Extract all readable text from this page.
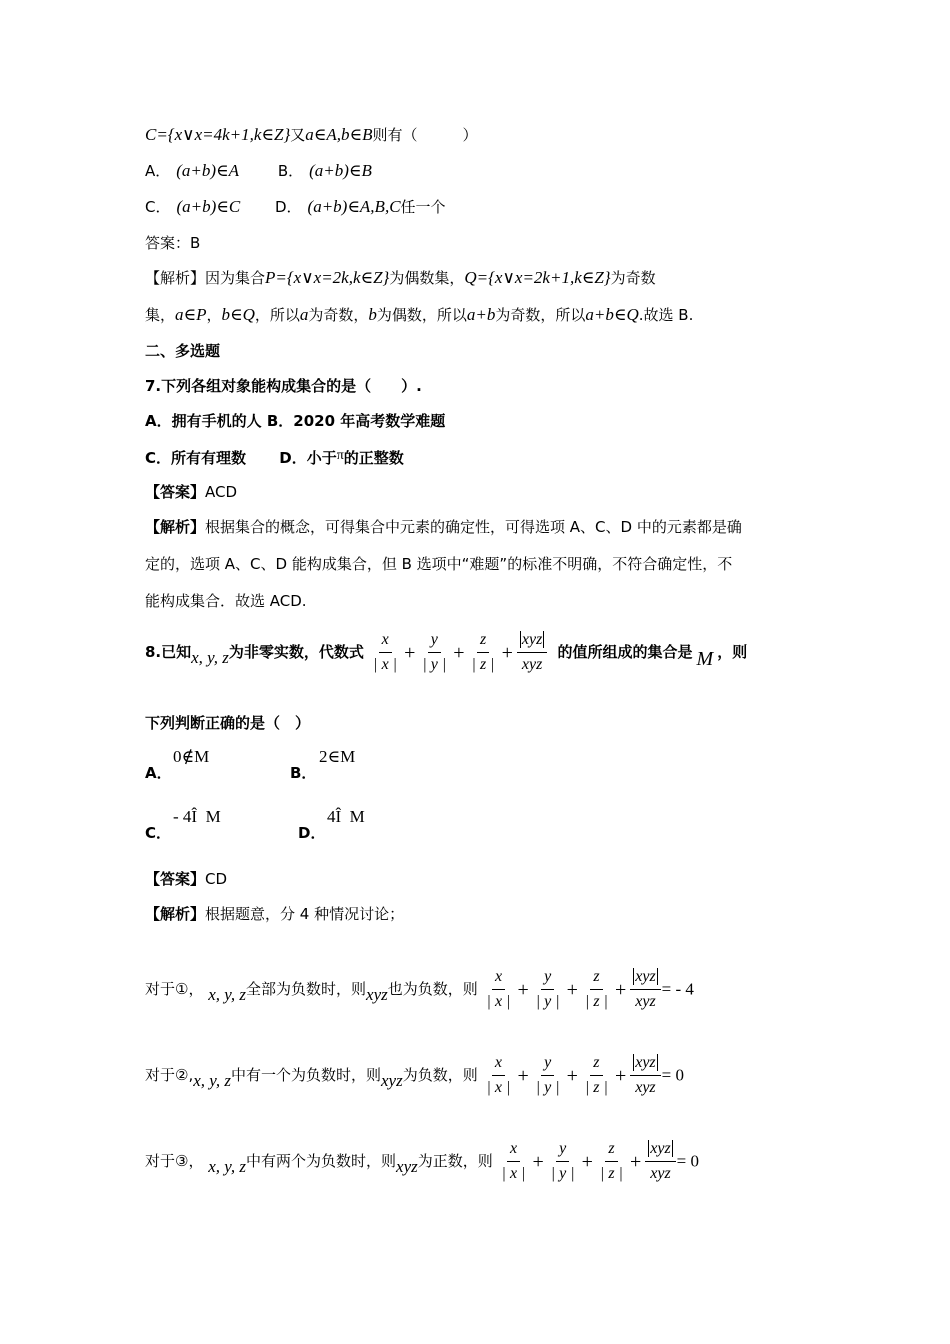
C={x∨x=4k+1,k∈Z}又a∈A,b∈B则有（　　　）
A． (a+b)∈A	B． (a+b)∈B
C． (a+b)∈C D． (a+b)∈A,B,C任一个
答案：B
【解析】因为集合P={x∨x=2k,k∈Z}为偶数集，Q={x∨x=2k+1,k∈Z}为奇数
集，a∈P，b∈Q，所以a为奇数，b为偶数，所以a+b为奇数，所以a+b∈Q.故选 B.
二、多选题
7.下列各组对象能构成集合的是（　　）.
A．拥有手机的人 B．2020 年高考数学难题
C．所有有理数 D．小于π的正整数
【答案】ACD
【解析】根据集合的概念，可得集合中元素的确定性，可得选项 A、C、D 中的元素都是确
定的，选项 A、C、D 能构成集合，但 B 选项中“难题”的标准不明确，不符合确定性，不
能构成集合．故选 ACD.
8.已知x, y, z为非零实数，代数式 $\frac{x}{| x |} + \frac{y}{| y |} + \frac{z}{| z |} + \frac{\text{xyz}}{\text{xyz}}$ 的值所组成的集合是 M ，则
下列判断正确的是（　）
A．
0∉M
B．
2∈M
C．
- 4Î  M
D．
4Î  M
【答案】CD
【解析】根据题意，分 4 种情况讨论；
对于①， x, y, z全部为负数时，则xyz也为负数，则 $\frac{x}{| x |} + \frac{y}{| y |} + \frac{z}{| z |} + \frac{\text{xyz}}{\text{xyz}}$ = - 4
对于②,x, y, z中有一个为负数时，则xyz为负数，则 $\frac{x}{| x |} + \frac{y}{| y |} + \frac{z}{| z |} + \frac{\text{xyz}}{\text{xyz}} = 0$
对于③， x, y, z中有两个为负数时，则xyz为正数，则 $\frac{x}{| x |} + \frac{y}{| y |} + \frac{z}{| z |} + \frac{\text{xyz}}{\text{xyz}} = 0$
